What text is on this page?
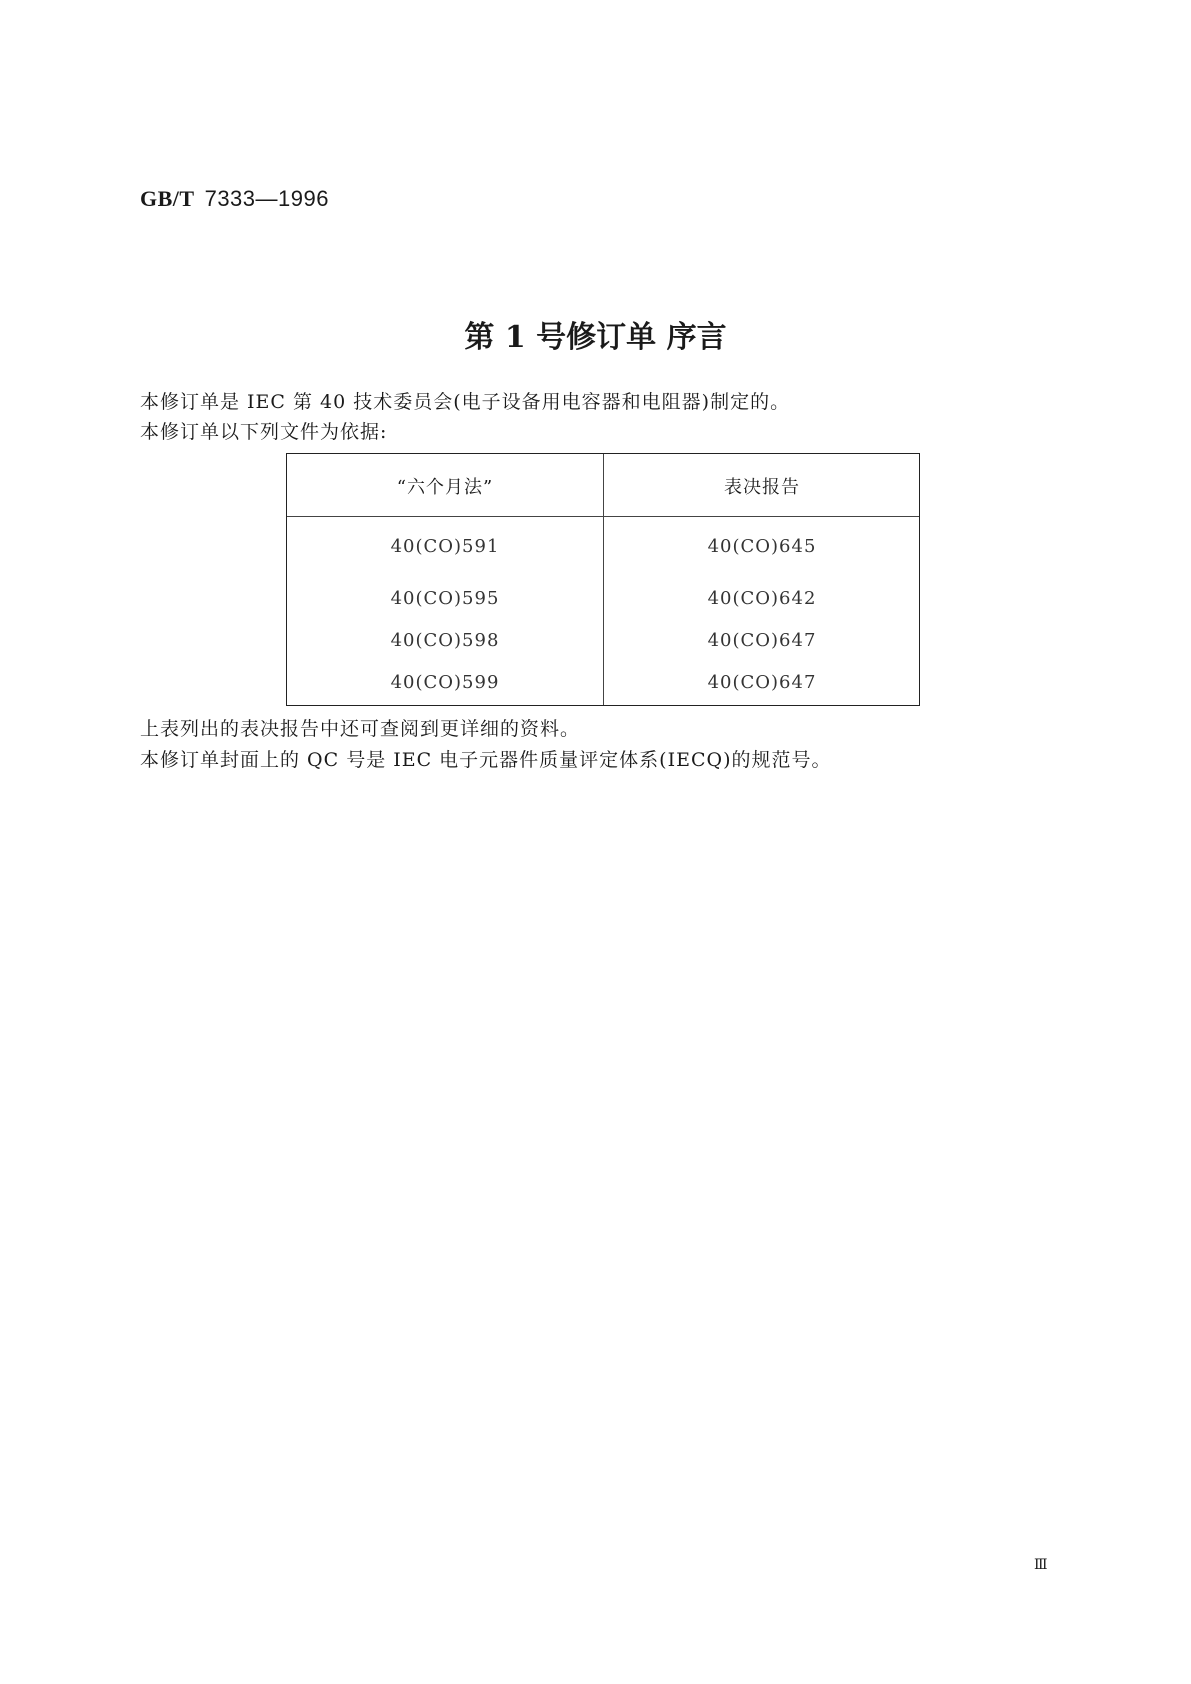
GB/T 7333—1996
第 1 号修订单 序言
本修订单是 IEC 第 40 技术委员会(电子设备用电容器和电阻器)制定的。
本修订单以下列文件为依据:
“六个月法”	表决报告
40(CO)591	40(CO)645
40(CO)595	40(CO)642
40(CO)598	40(CO)647
40(CO)599	40(CO)647
上表列出的表决报告中还可查阅到更详细的资料。
本修订单封面上的 QC 号是 IEC 电子元器件质量评定体系(IECQ)的规范号。
Ⅲ
